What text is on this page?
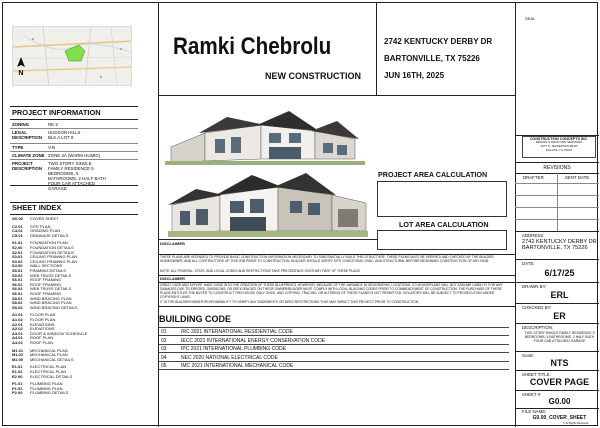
N
PROJECT INFORMATION
ZONING	RE-2
LEGAL DESCRIPTION
HUDSON HILLS BLK A LOT 9
TYPE	V-B
CLIMATE ZONE ZONE 3A (WARM HUMID)
PROJECT DESCRIPTION
TWO STORY SINGLE FAMILY RESIDENCE 5 BEDROOMS, 5 BATHROOMS, 2 HALF BATH FOUR CAR ATTACHED GARAGE
SHEET INDEX
G0.00 COVER SHEET
C2.01 SITE PLAN
C4.01 GRADING PLAN
C5.01 DRAINAGE DETAILS
S1.01 FOUNDATION PLAN
S2.00 FOUNDATION DETAILS
S2.01 FOUNDATION DETAILS
S3.01 CEILING FRAMING PLAN
S3.02 CEILING FRAMING PLAN
S4.00 WALL SECTIONS
S5.01 FRAMING DETAILS
S5.02 WEB TRUSS DETAILS
S6.01 ROOF FRAMING
S6.02 ROOF FRAMING
S6.03 WEB TRUSS DETAILS
S6.01 ROOF FRAMING
S8.01 WIND BRACING PLAN
S8.02 WIND BRACING PLAN
S8.03 WIND BRACING DETAILS
A1.01 FLOOR PLAN
A1.02 FLOOR PLAN
A2.01 ELEVATIONS
A2.02 ELEVATIONS
A3.01 DOOR & WINDOW SCHEDULE
A4.01 ROOF PLAN
A4.02 ROOF PLAN
M1.01 MECHANICAL PLAN
M1.02 MECHANICAL PLAN
M2.00 MECHANICAL DETAILS
E1.01 ELECTRICAL PLAN
E1.02 ELECTRICAL PLAN
E2.00 ELECTRICAL DETAILS
P1.01 PLUMBING PLAN
P1.02 PLUMBING PLAN
P2.00 PLUMBING DETAILS
Ramki Chebrolu
NEW CONSTRUCTION
2742 KENTUCKY DERBY DR
BARTONVILLE, TX 75226
JUN 16TH, 2025
PROJECT AREA CALCULATION
LOT AREA CALCULATION
DISCLAIMER
THESE PLANS ARE INTENDED TO PROVIDE BASIC CONSTRUCTION INFORMATION NECESSARY TO SUBSTANTIALLY BUILD THIS STRUCTURE. THESE PLANS MUST BE VERIFIED AND CHECKED BY THE BUILDER, HOMEOWNER, AND ALL CONTRACTORS OF THIS JOB PRIOR TO CONSTRUCTION. BUILDER SHOULD VERIFY SITE CONDITIONS, HVAC, AND STRUCTURAL BEFORE BEGINNING CONSTRUCTION OF ANY KIND.
NOTE: ALL FEDERAL, STATE, AND LOCAL CODES AND RESTRICTIONS TAKE PRECEDENCE OVER ANY PART OF THESE PLANS.
DISCLAIMER
GREAT CARE AND EFFORT HAVE GONE INTO THE CREATION OF THESE BLUEPRINTS. HOWEVER, BECAUSE OF THE VARIANCE IN GEOGRAPHIC LOCATIONS, CO-HOUSEPLANS WILL NOT ASSUME LIABILITY FOR ANY DAMAGES DUE TO ERRORS, OMISSIONS, OR DEFICIENCIES ON THESE OWNER/BUILDER MUST COMPLY WITH LOCAL BUILDING CODES PRIOR TO COMMENCEMENT OF CONSTRUCTION. THE PURCHASE OF THESE PLANS ENTITLES THE BUYER TO CONSTRUCT THIS HOUSE ONLY ONCE, AND COPYING, TRACING, OR ALTERING OF THESE PLANS IS NOT PERMITTED. VIOLATORS WILL BE SUBJECT TO PROSECUTION UNDER COPYRIGHT LAWS.
IT IS THE BUILDER/OWNER RESPONSIBILITY TO VERIFY ANY EASEMENTS OR DEED RESTRICTIONS THAT MAY IMPACT THIS PROJECT PRIOR TO CONSTRUCTION.
BUILDING CODE
01	IRC 2021 INTERNATIONAL RESIDENTIAL CODE
02	IECC 2021 INTERNATIONAL ENERGY CONSERVATION CODE
03	IPC 2021 INTERNATIONAL PLUMBING CODE
04	NEC 2020 NATIONAL ELECTRICAL CODE
05	IMC 2021 INTERNATIONAL MECHANICAL CODE
SEAL
CONSTRUCTION CONCEPTS INC.
DESIGN & DRAFTING SERVICES
1977 S. JEFFERSON BLVD
DALLAS, TX 75201
REVISIONS
DRAFTER	SENT DATE
ADDRESS:
2742 KENTUCKY DERBY DR BARTONVILLE, TX 75226
DATE:
6/17/25
DRAWN BY:
ERL
CHECKED BY:
ER
DESCRIPTION:
TWO STORY SINGLE FAMILY RESIDENCE 5 BEDROOMS, 5 BATHROOMS, 2 HALF BATH FOUR CAR ATTACHED GARAGE
Scale:
NTS
SHEET TITLE:
COVER PAGE
SHEET #:
G0.00
FILE NAME:
G0.00_COVER_SHEET
© All Rights Reserved
